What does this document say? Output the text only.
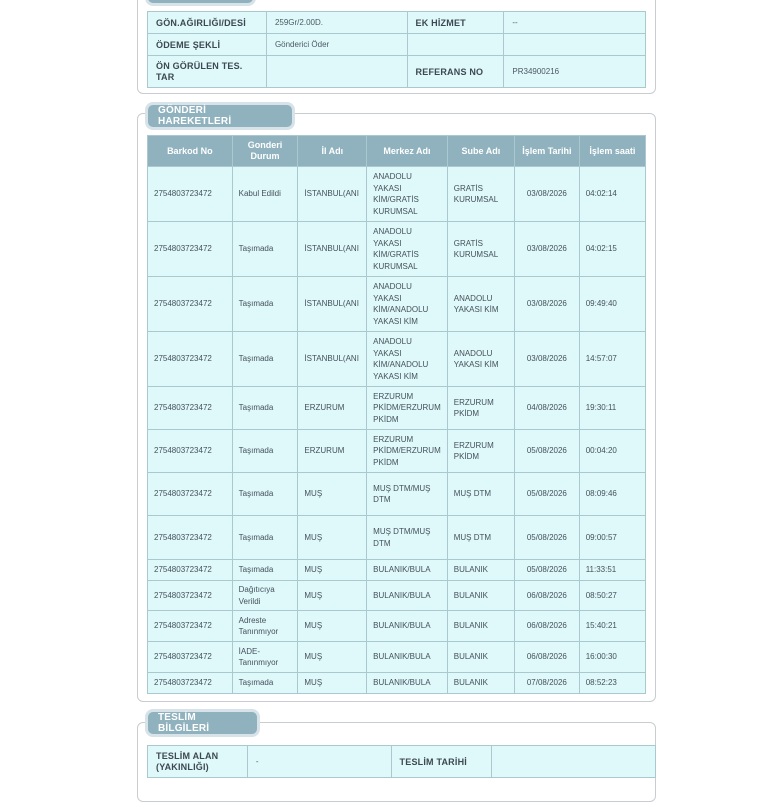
GÖN.AĞIRLIĞI/DESİ	259Gr/2.00D.	EK HİZMET	--
ÖDEME ŞEKLİ	Gönderici Öder		
ÖN GÖRÜLEN TES. TAR		REFERANS NO	PR34900216
GÖNDERİ HAREKETLERİ
Barkod No	Gonderi Durum	İl Adı	Merkez Adı	Sube Adı	İşlem Tarihi	İşlem saati
2754803723472	Kabul Edildi	İSTANBUL(ANI	ANADOLU YAKASI KİM/GRATİS KURUMSAL	GRATİS KURUMSAL	03/08/2026	04:02:14
2754803723472	Taşımada	İSTANBUL(ANI	ANADOLU YAKASI KİM/GRATİS KURUMSAL	GRATİS KURUMSAL	03/08/2026	04:02:15
2754803723472	Taşımada	İSTANBUL(ANI	ANADOLU YAKASI KİM/ANADOLU YAKASI KİM	ANADOLU YAKASI KİM	03/08/2026	09:49:40
2754803723472	Taşımada	İSTANBUL(ANI	ANADOLU YAKASI KİM/ANADOLU YAKASI KİM	ANADOLU YAKASI KİM	03/08/2026	14:57:07
2754803723472	Taşımada	ERZURUM	ERZURUM PKİDM/ERZURUM PKİDM	ERZURUM PKİDM	04/08/2026	19:30:11
2754803723472	Taşımada	ERZURUM	ERZURUM PKİDM/ERZURUM PKİDM	ERZURUM PKİDM	05/08/2026	00:04:20
2754803723472	Taşımada	MUŞ	MUŞ DTM/MUŞ DTM	MUŞ DTM	05/08/2026	08:09:46
2754803723472	Taşımada	MUŞ	MUŞ DTM/MUŞ DTM	MUŞ DTM	05/08/2026	09:00:57
2754803723472	Taşımada	MUŞ	BULANIK/BULA	BULANIK	05/08/2026	11:33:51
2754803723472	Dağıtıcıya Verildi	MUŞ	BULANIK/BULA	BULANIK	06/08/2026	08:50:27
2754803723472	Adreste Tanınmıyor	MUŞ	BULANIK/BULA	BULANIK	06/08/2026	15:40:21
2754803723472	İADE-Tanınmıyor	MUŞ	BULANIK/BULA	BULANIK	06/08/2026	16:00:30
2754803723472	Taşımada	MUŞ	BULANIK/BULA	BULANIK	07/08/2026	08:52:23
TESLİM BİLGİLERİ
TESLİM ALAN (YAKINLIĞI)	-	TESLİM TARİHİ	
